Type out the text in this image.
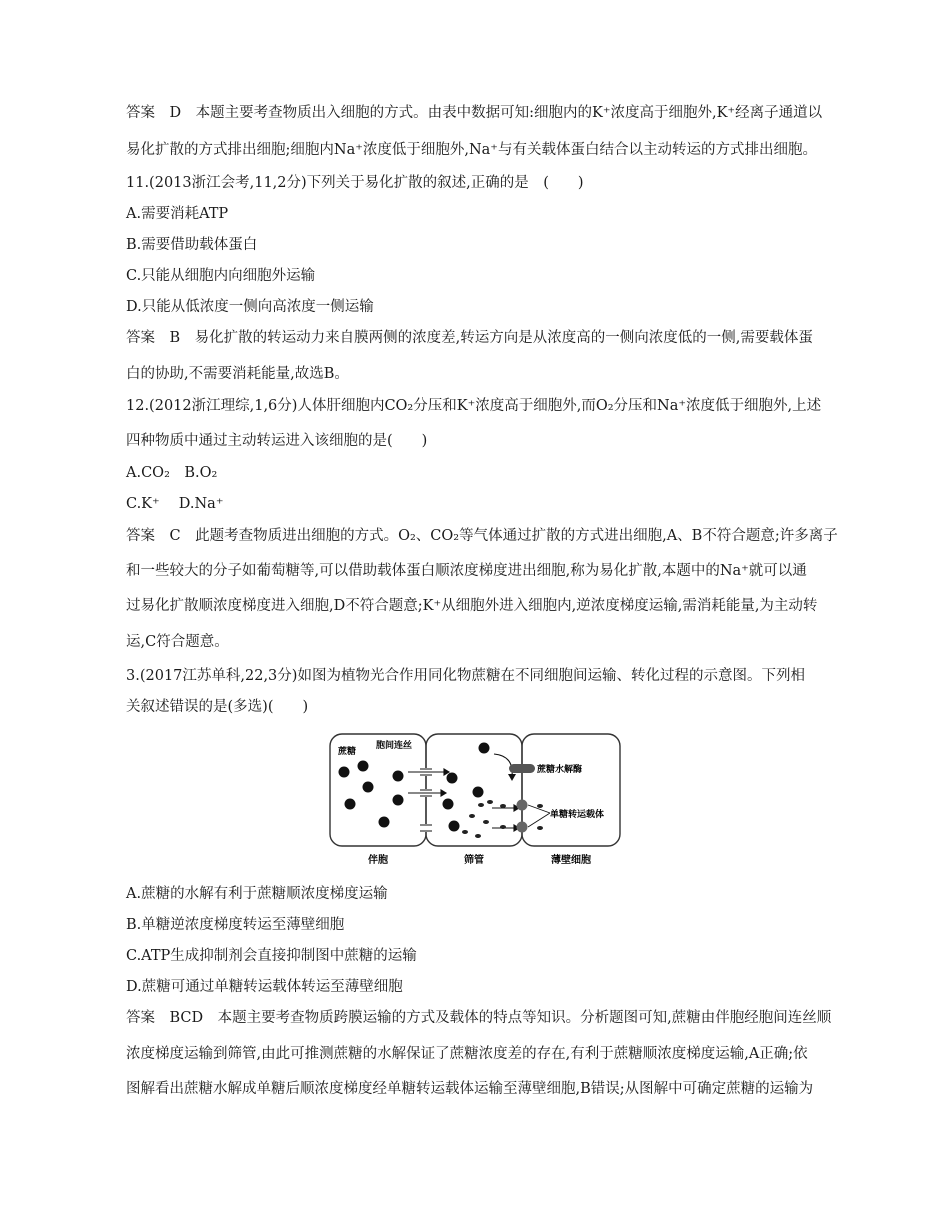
答案　D　本题主要考查物质出入细胞的方式。由表中数据可知:细胞内的K⁺浓度高于细胞外,K⁺经离子通道以
易化扩散的方式排出细胞;细胞内Na⁺浓度低于细胞外,Na⁺与有关载体蛋白结合以主动转运的方式排出细胞。
11.(2013浙江会考,11,2分)下列关于易化扩散的叙述,正确的是　(　　)
A.需要消耗ATP
B.需要借助载体蛋白
C.只能从细胞内向细胞外运输
D.只能从低浓度一侧向高浓度一侧运输
答案　B　易化扩散的转运动力来自膜两侧的浓度差,转运方向是从浓度高的一侧向浓度低的一侧,需要载体蛋
白的协助,不需要消耗能量,故选B。
12.(2012浙江理综,1,6分)人体肝细胞内CO₂分压和K⁺浓度高于细胞外,而O₂分压和Na⁺浓度低于细胞外,上述
四种物质中通过主动转运进入该细胞的是(　　)
A.CO₂　B.O₂
C.K⁺　 D.Na⁺
答案　C　此题考查物质进出细胞的方式。O₂、CO₂等气体通过扩散的方式进出细胞,A、B不符合题意;许多离子
和一些较大的分子如葡萄糖等,可以借助载体蛋白顺浓度梯度进出细胞,称为易化扩散,本题中的Na⁺就可以通
过易化扩散顺浓度梯度进入细胞,D不符合题意;K⁺从细胞外进入细胞内,逆浓度梯度运输,需消耗能量,为主动转
运,C符合题意。
3.(2017江苏单科,22,3分)如图为植物光合作用同化物蔗糖在不同细胞间运输、转化过程的示意图。下列相
关叙述错误的是(多选)(　　)
蔗糖
胞间连丝
蔗糖水解酶
单糖转运载体
伴胞	筛管	薄壁细胞
A.蔗糖的水解有利于蔗糖顺浓度梯度运输
B.单糖逆浓度梯度转运至薄壁细胞
C.ATP生成抑制剂会直接抑制图中蔗糖的运输
D.蔗糖可通过单糖转运载体转运至薄壁细胞
答案　BCD　本题主要考查物质跨膜运输的方式及载体的特点等知识。分析题图可知,蔗糖由伴胞经胞间连丝顺
浓度梯度运输到筛管,由此可推测蔗糖的水解保证了蔗糖浓度差的存在,有利于蔗糖顺浓度梯度运输,A正确;依
图解看出蔗糖水解成单糖后顺浓度梯度经单糖转运载体运输至薄壁细胞,B错误;从图解中可确定蔗糖的运输为
